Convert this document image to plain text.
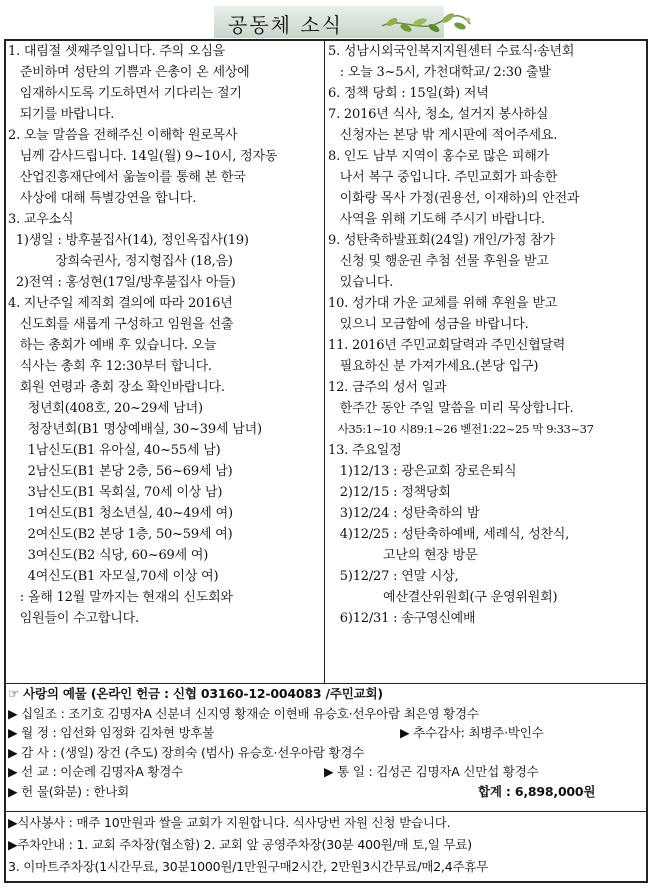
공동체 소식
1. 대림절 셋째주일입니다. 주의 오심을
준비하며 성탄의 기쁨과 은총이 온 세상에
임재하시도록 기도하면서 기다리는 절기
되기를 바랍니다.
2. 오늘 말씀을 전해주신 이해학 원로목사
님께 감사드립니다. 14일(월) 9~10시, 정자동
산업진흥재단에서 욺놀이를 통해 본 한국
사상에 대해 특별강연을 합니다.
3. 교우소식
1)생일 : 방후불집사(14), 정인옥집사(19)
장희숙권사, 정지형집사 (18,음)
2)전역 : 홍성현(17일/방후불집사 아들)
4. 지난주일 제직회 결의에 따라 2016년
신도회를 새롭게 구성하고 임원을 선출
하는 총회가 예배 후 있습니다. 오늘
식사는 총회 후 12:30부터 합니다.
회원 연령과 총회 장소 확인바랍니다.
청년회(408호, 20~29세 남녀)
청장년회(B1 명상예배실, 30~39세 남녀)
1남신도(B1 유아실, 40~55세 남)
2남신도(B1 본당 2층, 56~69세 남)
3남신도(B1 목회실, 70세 이상 남)
1여신도(B1 청소년실, 40~49세 여)
2여신도(B2 본당 1층, 50~59세 여)
3여신도(B2 식당, 60~69세 여)
4여신도(B1 자모실,70세 이상 여)
: 올해 12월 말까지는 현재의 신도회와
임원들이 수고합니다.
5. 성남시외국인복지지원센터 수료식·송년회
: 오늘 3~5시, 가천대학교/ 2:30 출발
6. 정책 당회 : 15일(화) 저녁
7. 2016년 식사, 청소, 설거지 봉사하실
신청자는 본당 밖 게시판에 적어주세요.
8. 인도 남부 지역이 홍수로 많은 피해가
나서 복구 중입니다. 주민교회가 파송한
이화랑 목사 가정(권용선, 이재하)의 안전과
사역을 위해 기도해 주시기 바랍니다.
9. 성탄축하발표회(24일) 개인/가정 참가
신청 및 행운권 추첨 선물 후원을 받고
있습니다.
10. 성가대 가운 교체를 위해 후원을 받고
있으니 모금함에 성금을 바랍니다.
11. 2016년 주민교회달력과 주민신협달력
필요하신 분 가져가세요.(본당 입구)
12. 금주의 성서 일과
한주간 동안 주일 말씀을 미리 묵상합니다.
사35:1~10 시89:1~26 벧전1:22~25 막 9:33~37
13. 주요일정
1)12/13 : 광은교회 장로은퇴식
2)12/15 : 정책당회
3)12/24 : 성탄축하의 밤
4)12/25 : 성탄축하예배, 세례식, 성찬식,
고난의 현장 방문
5)12/27 : 연말 시상,
예산결산위원회(구 운영위원회)
6)12/31 : 송구영신예배
☞ 사랑의 예물 (온라인 헌금 : 신협 03160-12-004083 /주민교회)
▶ 십일조 : 조기호 김명자A 신분녀 신지영 황재순 이현배 유승호·선우아람 최은영 황경수
▶ 월 정 : 임선화 임정화 김차현 방후불	▶ 추수감사: 최병주·박인수
▶ 감 사 : (생일) 장건 (추도) 장희숙 (범사) 유승호·선우아람 황경수
▶ 선 교 : 이순례 김명자A 황경수	▶ 통 일 : 김성곤 김명자A 신만섭 황경수
▶ 헌 물(화분) : 한나회	합계 : 6,898,000원
▶식사봉사 : 매주 10만원과 쌀을 교회가 지원합니다. 식사당번 자원 신청 받습니다.
▶주차안내 : 1. 교회 주차장(협소함) 2. 교회 앞 공영주차장(30분 400원/매 토,일 무료)
3. 이마트주차장(1시간무료, 30분1000원/1만원구매2시간, 2만원3시간무료/매2,4주휴무
